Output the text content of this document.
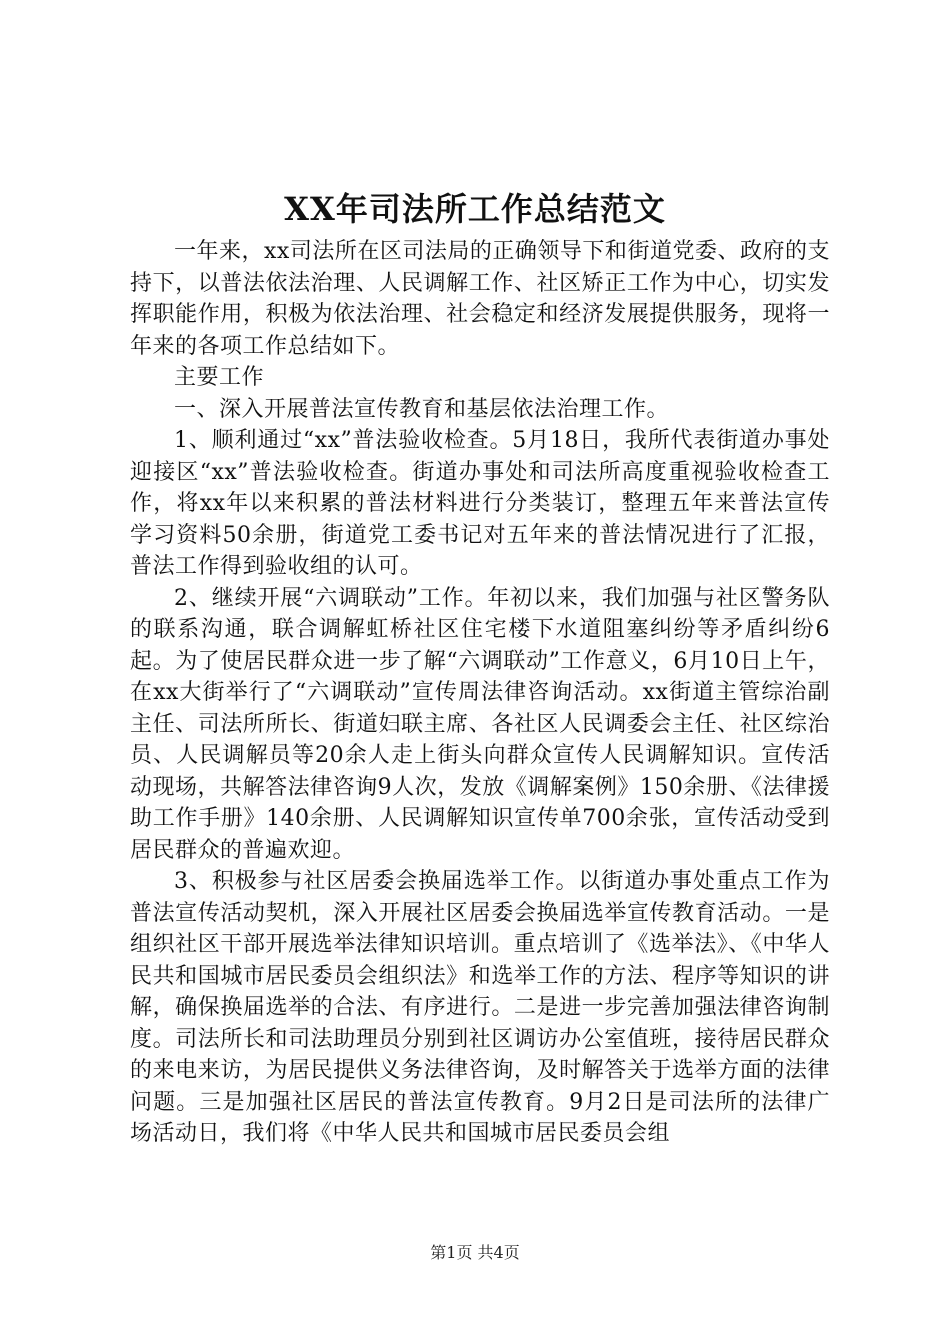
XX年司法所工作总结范文

一年来，xx司法所在区司法局的正确领导下和街道党委、政府的支持下，以普法依法治理、人民调解工作、社区矫正工作为中心，切实发挥职能作用，积极为依法治理、社会稳定和经济发展提供服务，现将一年来的各项工作总结如下。

主要工作

一、深入开展普法宣传教育和基层依法治理工作。

1、顺利通过“xx”普法验收检查。5月18日，我所代表街道办事处迎接区“xx”普法验收检查。街道办事处和司法所高度重视验收检查工作，将xx年以来积累的普法材料进行分类装订，整理五年来普法宣传学习资料50余册，街道党工委书记对五年来的普法情况进行了汇报，普法工作得到验收组的认可。

2、继续开展“六调联动”工作。年初以来，我们加强与社区警务队的联系沟通，联合调解虹桥社区住宅楼下水道阻塞纠纷等矛盾纠纷6起。为了使居民群众进一步了解“六调联动”工作意义，6月10日上午，在xx大街举行了“六调联动”宣传周法律咨询活动。xx街道主管综治副主任、司法所所长、街道妇联主席、各社区人民调委会主任、社区综治员、人民调解员等20余人走上街头向群众宣传人民调解知识。宣传活动现场，共解答法律咨询9人次，发放《调解案例》150余册、《法律援助工作手册》140余册、人民调解知识宣传单700余张，宣传活动受到居民群众的普遍欢迎。

3、积极参与社区居委会换届选举工作。以街道办事处重点工作为普法宣传活动契机，深入开展社区居委会换届选举宣传教育活动。一是组织社区干部开展选举法律知识培训。重点培训了《选举法》、《中华人民共和国城市居民委员会组织法》和选举工作的方法、程序等知识的讲解，确保换届选举的合法、有序进行。二是进一步完善加强法律咨询制度。司法所长和司法助理员分别到社区调访办公室值班，接待居民群众的来电来访，为居民提供义务法律咨询，及时解答关于选举方面的法律问题。三是加强社区居民的普法宣传教育。9月2日是司法所的法律广场活动日，我们将《中华人民共和国城市居民委员会组

第1页 共4页
